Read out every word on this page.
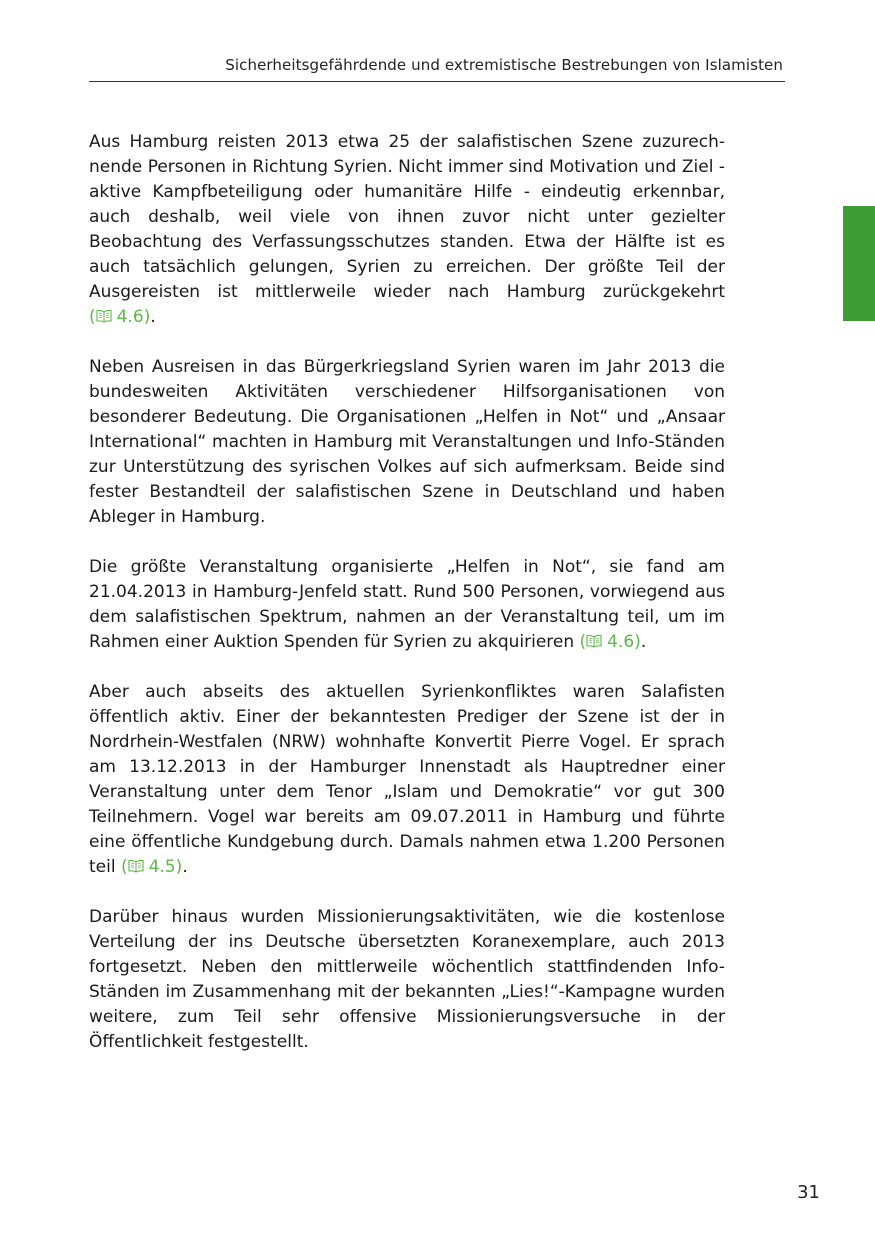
Sicherheitsgefährdende und extremistische Bestrebungen von Islamisten

Aus Hamburg reisten 2013 etwa 25 der salafistischen Szene zuzurechnende Personen in Richtung Syrien. Nicht immer sind Motivation und Ziel - aktive Kampfbeteiligung oder humanitäre Hilfe - eindeutig erkennbar, auch deshalb, weil viele von ihnen zuvor nicht unter gezielter Beobachtung des Verfassungsschutzes standen. Etwa der Hälfte ist es auch tatsächlich gelungen, Syrien zu erreichen. Der größte Teil der Ausgereisten ist mittlerweile wieder nach Hamburg zurückgekehrt ( 4.6).

Neben Ausreisen in das Bürgerkriegsland Syrien waren im Jahr 2013 die bundesweiten Aktivitäten verschiedener Hilfsorganisationen von besonderer Bedeutung. Die Organisationen „Helfen in Not“ und „Ansaar International“ machten in Hamburg mit Veranstaltungen und Info-Ständen zur Unterstützung des syrischen Volkes auf sich aufmerksam. Beide sind fester Bestandteil der salafistischen Szene in Deutschland und haben Ableger in Hamburg.

Die größte Veranstaltung organisierte „Helfen in Not“, sie fand am 21.04.2013 in Hamburg-Jenfeld statt. Rund 500 Personen, vorwiegend aus dem salafistischen Spektrum, nahmen an der Veranstaltung teil, um im Rahmen einer Auktion Spenden für Syrien zu akquirieren ( 4.6).

Aber auch abseits des aktuellen Syrienkonfliktes waren Salafisten öffentlich aktiv. Einer der bekanntesten Prediger der Szene ist der in Nordrhein-Westfalen (NRW) wohnhafte Konvertit Pierre Vogel. Er sprach am 13.12.2013 in der Hamburger Innenstadt als Hauptredner einer Veranstaltung unter dem Tenor „Islam und Demokratie“ vor gut 300 Teilnehmern. Vogel war bereits am 09.07.2011 in Hamburg und führte eine öffentliche Kundgebung durch. Damals nahmen etwa 1.200 Personen teil ( 4.5).

Darüber hinaus wurden Missionierungsaktivitäten, wie die kostenlose Verteilung der ins Deutsche übersetzten Koranexemplare, auch 2013 fortgesetzt. Neben den mittlerweile wöchentlich stattfindenden Info-Ständen im Zusammenhang mit der bekannten „Lies!“-Kampagne wurden weitere, zum Teil sehr offensive Missionierungsversuche in der Öffentlichkeit festgestellt.

31
